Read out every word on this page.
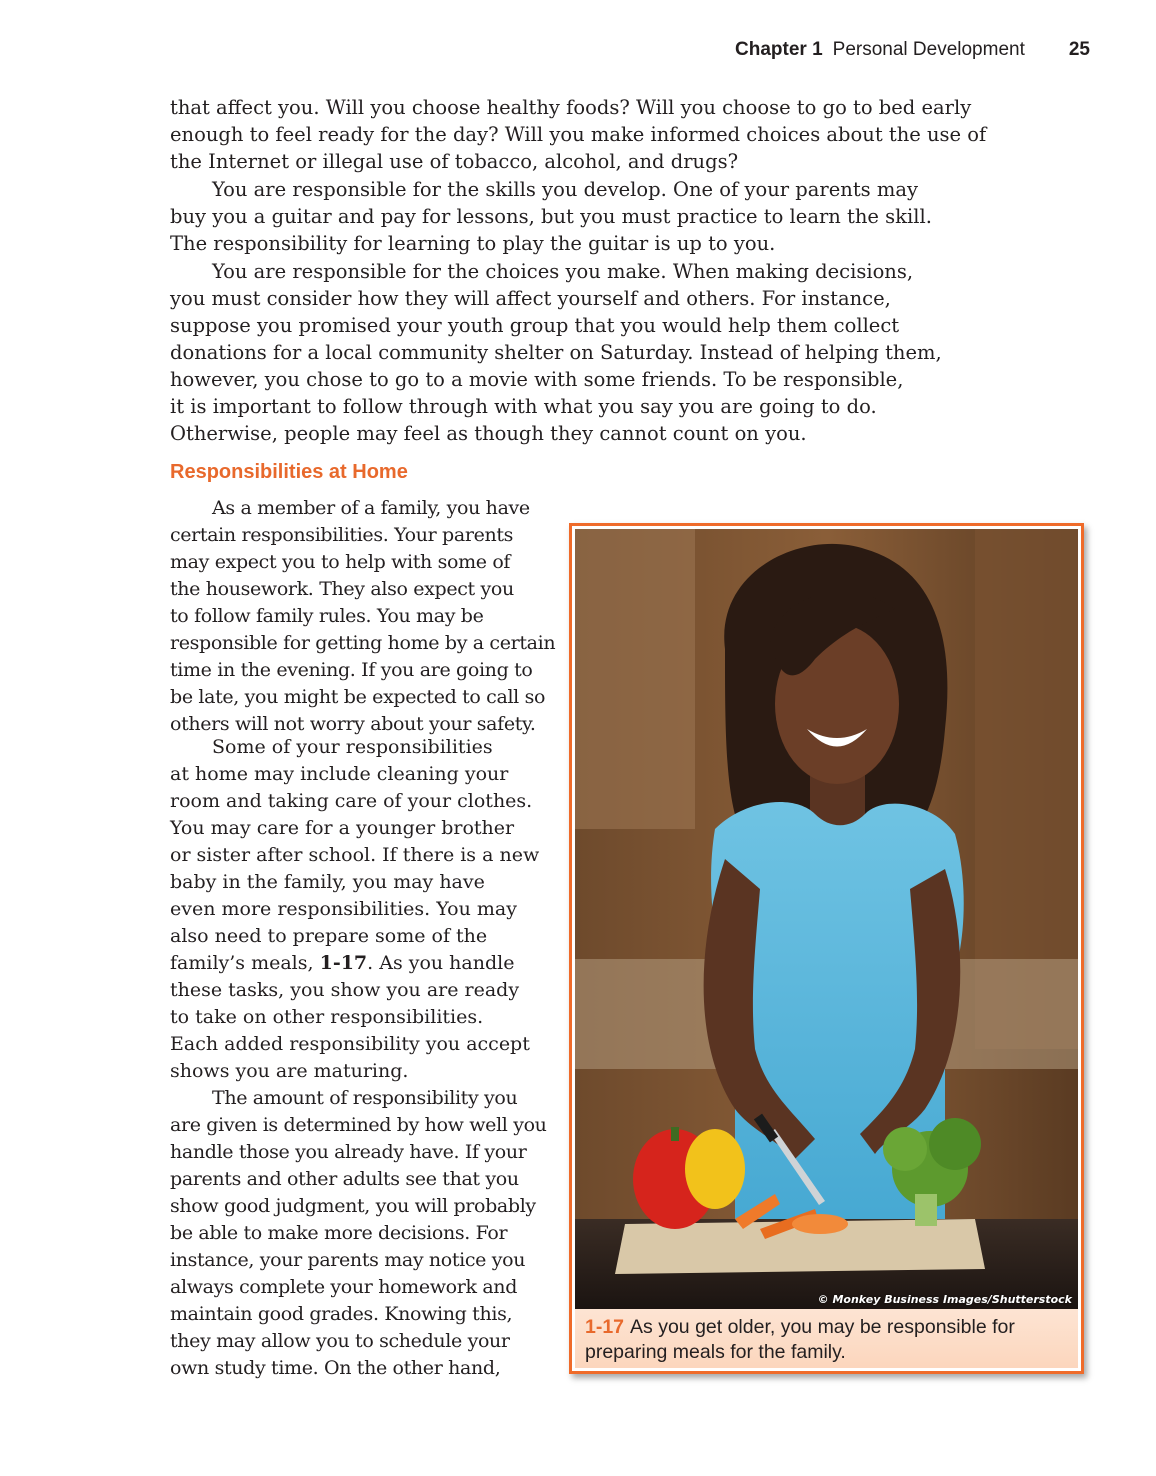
Chapter 1 Personal Development 25

that affect you. Will you choose healthy foods? Will you choose to go to bed early
enough to feel ready for the day? Will you make informed choices about the use of
the Internet or illegal use of tobacco, alcohol, and drugs?

You are responsible for the skills you develop. One of your parents may
buy you a guitar and pay for lessons, but you must practice to learn the skill.
The responsibility for learning to play the guitar is up to you.

You are responsible for the choices you make. When making decisions,
you must consider how they will affect yourself and others. For instance,
suppose you promised your youth group that you would help them collect
donations for a local community shelter on Saturday. Instead of helping them,
however, you chose to go to a movie with some friends. To be responsible,
it is important to follow through with what you say you are going to do.
Otherwise, people may feel as though they cannot count on you.

Responsibilities at Home

As a member of a family, you have
certain responsibilities. Your parents
may expect you to help with some of
the housework. They also expect you
to follow family rules. You may be
responsible for getting home by a certain
time in the evening. If you are going to
be late, you might be expected to call so
others will not worry about your safety.

Some of your responsibilities
at home may include cleaning your
room and taking care of your clothes.
You may care for a younger brother
or sister after school. If there is a new
baby in the family, you may have
even more responsibilities. You may
also need to prepare some of the
family’s meals, 1-17. As you handle
these tasks, you show you are ready
to take on other responsibilities.
Each added responsibility you accept
shows you are maturing.

The amount of responsibility you
are given is determined by how well you
handle those you already have. If your
parents and other adults see that you
show good judgment, you will probably
be able to make more decisions. For
instance, your parents may notice you
always complete your homework and
maintain good grades. Knowing this,
they may allow you to schedule your
own study time. On the other hand,

© Monkey Business Images/Shutterstock
1-17 As you get older, you may be responsible for
preparing meals for the family.
